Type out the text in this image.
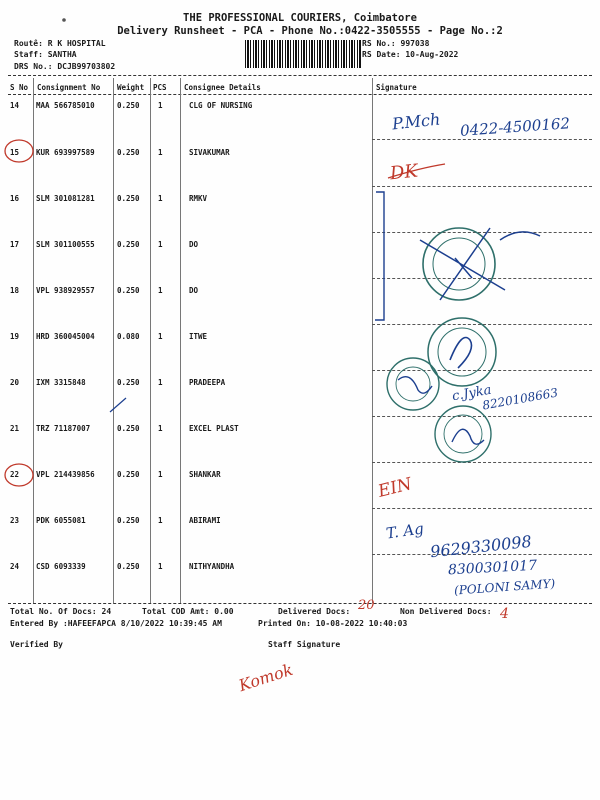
THE PROFESSIONAL COURIERS, Coimbatore
Delivery Runsheet - PCA - Phone No.:0422-3505555 - Page No.:2
Routê: R K HOSPITAL
Staff: SANTHA
DRS No.: DCJB99703802
RS No.: 997038
RS Date: 10-Aug-2022
S No Consignment No Weight PCS Consignee Details	Signature
14 MAA 566785010	0.250 1	CLG OF NURSING
15 KUR 693997589	0.250 1	SIVAKUMAR
16 SLM 301081281	0.250 1	RMKV
17 SLM 301100555	0.250 1	DO
18 VPL 938929557	0.250 1	DO
19 HRD 360045004	0.080 1	ITWE
20 IXM 3315848	0.250 1	PRADEEPA
21 TRZ 71187007	0.250 1	EXCEL PLAST
22 VPL 214439856	0.250 1	SHANKAR
23 PDK 6055081	0.250 1	ABIRAMI
24 CSD 6093339	0.250 1	NITHYANDHA
Total No. Of Docs: 24	Total COD Amt: 0.00	Delivered Docs:	Non Delivered Docs:
Entered By :HAFEEFAPCA 8/10/2022 10:39:45 AM	Printed On: 10-08-2022 10:40:03
Verified By	Staff Signature
P.Mch 0422-4500162
DK
c.Jyka
8220108663
EIN
T. Ag
9629330098
8300301017
(POLONI SAMY)
20
4
Komok
